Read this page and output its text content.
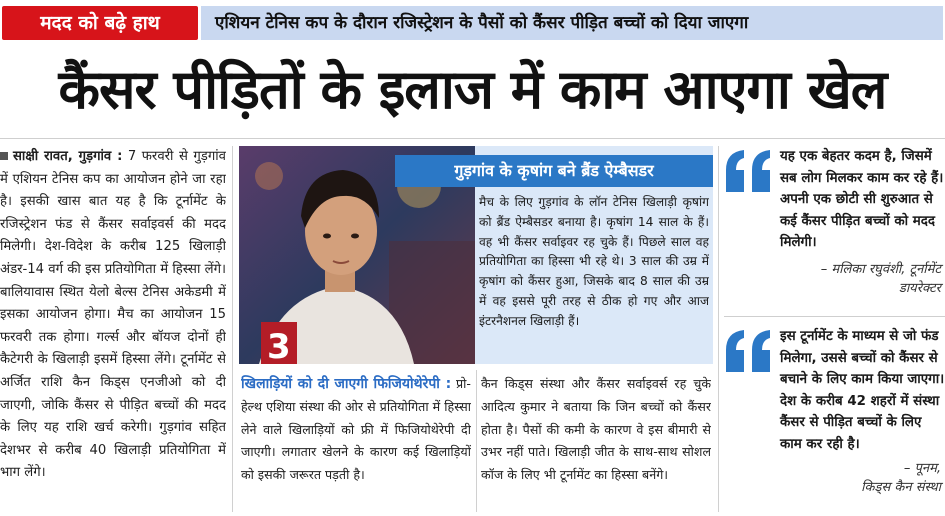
मदद को बढ़े हाथ	एशियन टेनिस कप के दौरान रजिस्ट्रेशन के पैसों को कैंसर पीड़ित बच्चों को दिया जाएगा
कैंसर पीड़ितों के इलाज में काम आएगा खेल
साक्षी रावत, गुड़गांव : 7 फरवरी से गुड़गांव में एशियन टेनिस कप का आयोजन होने जा रहा है। इसकी खास बात यह है कि टूर्नामेंट के रजिस्ट्रेशन फंड से कैंसर सर्वाइवर्स की मदद मिलेगी। देश-विदेश के करीब 125 खिलाड़ी अंडर-14 वर्ग की इस प्रतियोगिता में हिस्सा लेंगे। बालियावास स्थित येलो बेल्स टेनिस अकेडमी में इसका आयोजन होगा। मैच का आयोजन 15 फरवरी तक होगा। गर्ल्स और बॉयज दोनों ही कैटेगरी के खिलाड़ी इसमें हिस्सा लेंगे। टूर्नामेंट से अर्जित राशि कैन किड्स एनजीओ को दी जाएगी, जोकि कैंसर से पीड़ित बच्चों की मदद के लिए यह राशि खर्च करेगी। गुड़गांव सहित देशभर से करीब 40 खिलाड़ी प्रतियोगिता में भाग लेंगे।
3
गुड़गांव के कृषांग बने ब्रैंड ऐम्बैसडर
मैच के लिए गुड़गांव के लॉन टेनिस खिलाड़ी कृषांग को ब्रैंड ऐम्बैसडर बनाया है। कृषांग 14 साल के हैं। वह भी कैंसर सर्वाइवर रह चुके हैं। पिछले साल वह प्रतियोगिता का हिस्सा भी रहे थे। 3 साल की उम्र में कृषांग को कैंसर हुआ, जिसके बाद 8 साल की उम्र में वह इससे पूरी तरह से ठीक हो गए और आज इंटरनैशनल खिलाड़ी हैं।
खिलाड़ियों को दी जाएगी फिजियोथेरेपी : प्रो-हेल्थ एशिया संस्था की ओर से प्रतियोगिता में हिस्सा लेने वाले खिलाड़ियों को फ्री में फिजियोथेरेपी दी जाएगी। लगातार खेलने के कारण कई खिलाड़ियों को इसकी जरूरत पड़ती है।
कैन किड्स संस्था और कैंसर सर्वाइवर्स रह चुके आदित्य कुमार ने बताया कि जिन बच्चों को कैंसर होता है। पैसों की कमी के कारण वे इस बीमारी से उभर नहीं पाते। खिलाड़ी जीत के साथ-साथ सोशल कॉज के लिए भी टूर्नामेंट का हिस्सा बनेंगे।
यह एक बेहतर कदम है, जिसमें सब लोग मिलकर काम कर रहे हैं। अपनी एक छोटी सी शुरुआत से कई कैंसर पीड़ित बच्चों को मदद मिलेगी।
– मलिका रघुवंशी, टूर्नामेंट
डायरेक्टर
इस टूर्नामेंट के माध्यम से जो फंड मिलेगा, उससे बच्चों को कैंसर से बचाने के लिए काम किया जाएगा। देश के करीब 42 शहरों में संस्था कैंसर से पीड़ित बच्चों के लिए काम कर रही है।
– पूनम,
किड्स कैन संस्था
